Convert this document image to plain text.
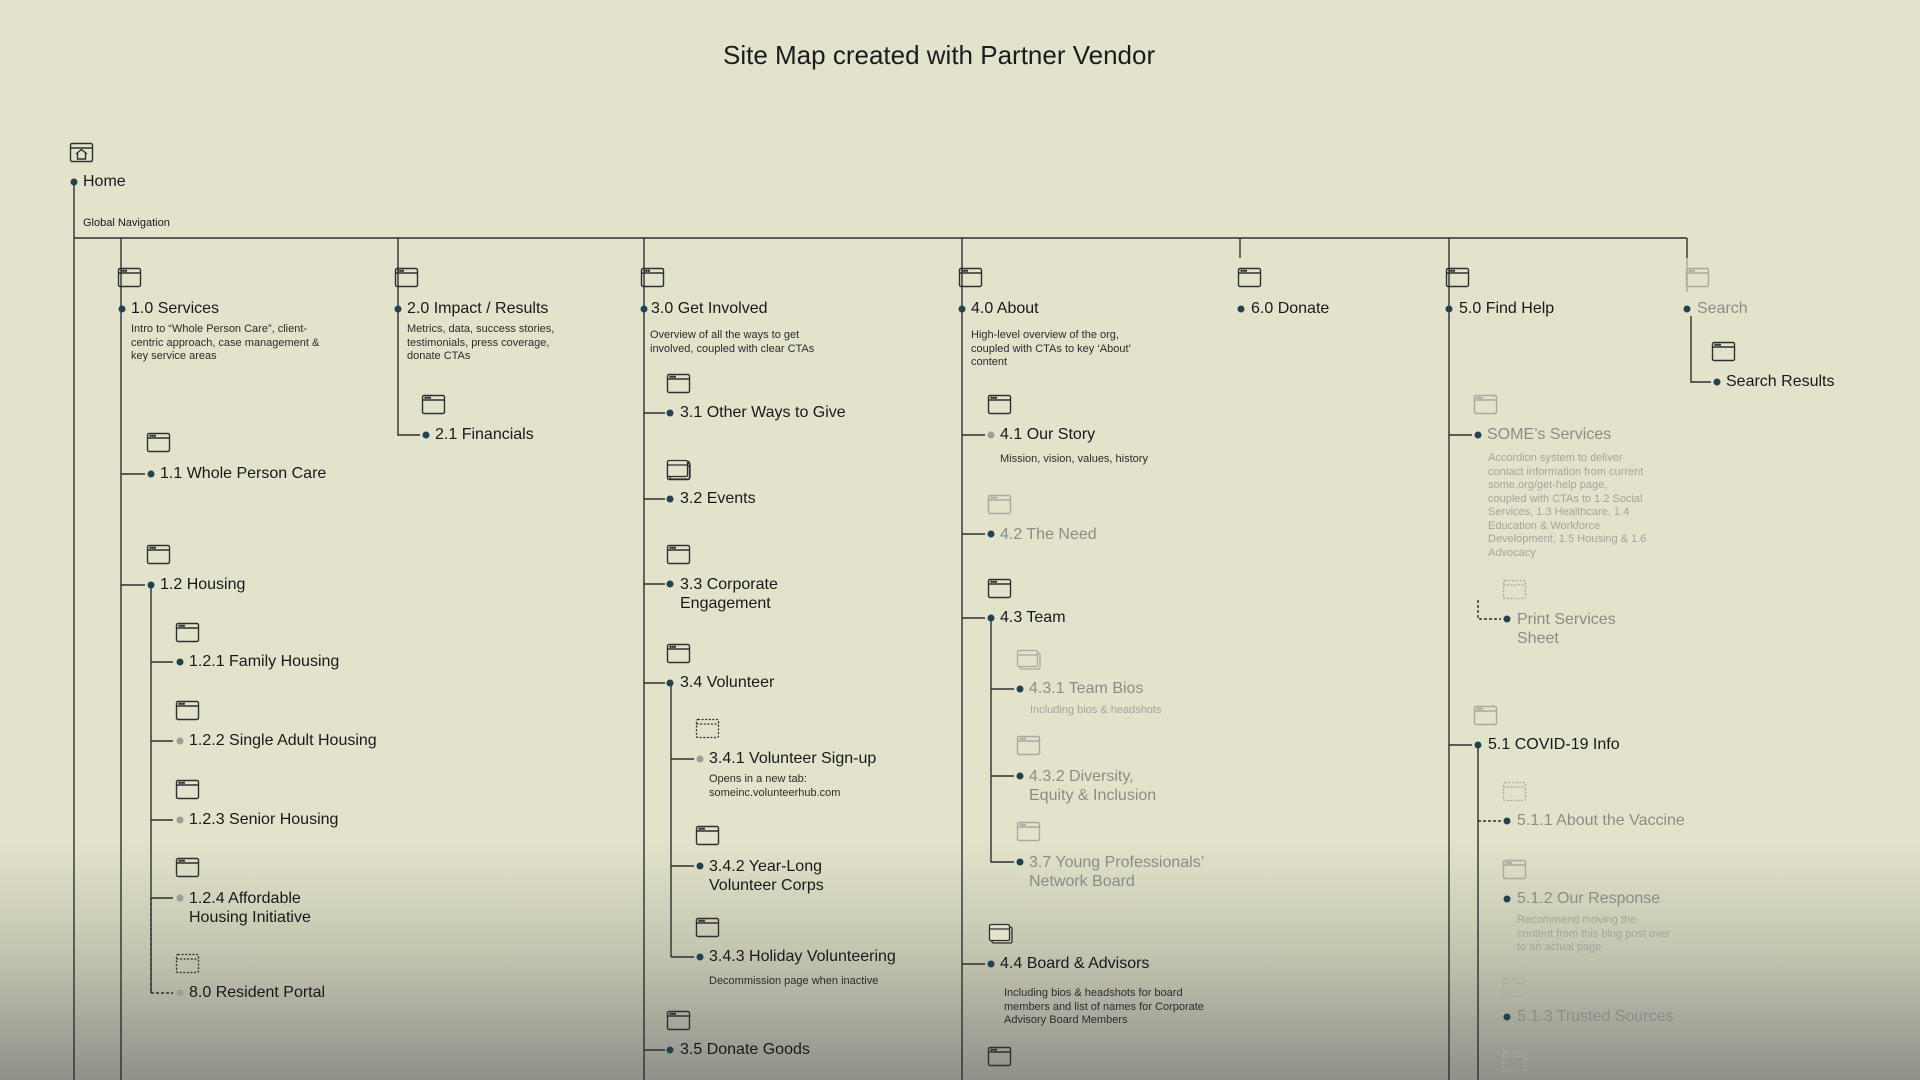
Site Map created with Partner Vendor
Home
Global Navigation
1.0 Services
Intro to “Whole Person Care”, client-centric approach, case management & key service areas
1.1 Whole Person Care
1.2 Housing
1.2.1 Family Housing
1.2.2 Single Adult Housing
1.2.3 Senior Housing
1.2.4 Affordable Housing Initiative
8.0 Resident Portal
2.0 Impact / Results
Metrics, data, success stories, testimonials, press coverage, donate CTAs
2.1 Financials
3.0 Get Involved
Overview of all the ways to get involved, coupled with clear CTAs
3.1 Other Ways to Give
3.2 Events
3.3 Corporate Engagement
3.4 Volunteer
3.4.1 Volunteer Sign-up
Opens in a new tab: someinc.volunteerhub.com
3.4.2 Year-Long Volunteer Corps
3.4.3 Holiday Volunteering
Decommission page when inactive
3.5 Donate Goods
4.0 About
High-level overview of the org, coupled with CTAs to key ‘About’ content
4.1 Our Story
Mission, vision, values, history
4.2 The Need
4.3 Team
4.3.1 Team Bios
Including bios & headshots
4.3.2 Diversity, Equity & Inclusion
3.7 Young Professionals’ Network Board
4.4 Board & Advisors
Including bios & headshots for board members and list of names for Corporate Advisory Board Members
6.0 Donate	5.0 Find Help
SOME’s Services
Accordion system to deliver contact information from current some.org/get-help page, coupled with CTAs to 1.2 Social Services, 1.3 Healthcare, 1.4 Education & Workforce Development, 1.5 Housing & 1.6 Advocacy
Print Services Sheet
5.1 COVID-19 Info
5.1.1 About the Vaccine
5.1.2 Our Response
Recommend moving the content from this blog post over to an actual page
5.1.3 Trusted Sources
Search
Search Results
